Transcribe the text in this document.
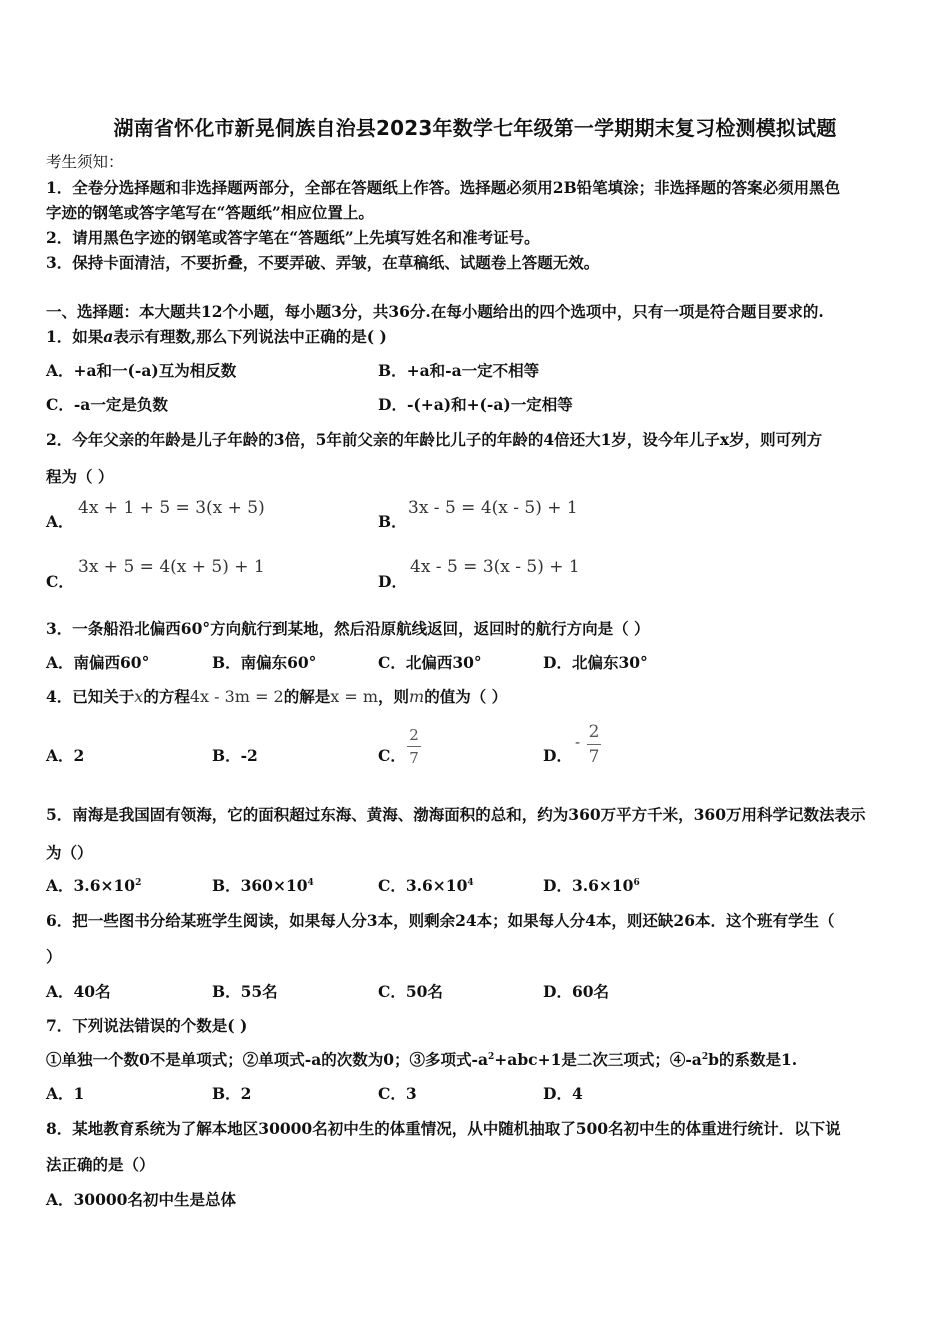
湖南省怀化市新晃侗族自治县2023年数学七年级第一学期期末复习检测模拟试题
考生须知：
1．全卷分选择题和非选择题两部分，全部在答题纸上作答。选择题必须用2B铅笔填涂；非选择题的答案必须用黑色
字迹的钢笔或答字笔写在“答题纸”相应位置上。
2．请用黑色字迹的钢笔或答字笔在“答题纸”上先填写姓名和准考证号。
3．保持卡面清洁，不要折叠，不要弄破、弄皱，在草稿纸、试题卷上答题无效。
一、选择题：本大题共12个小题，每小题3分，共36分.在每小题给出的四个选项中，只有一项是符合题目要求的.
1．如果a表示有理数,那么下列说法中正确的是( )
A．+a和一(-a)互为相反数	B．+a和-a一定不相等
C．-a一定是负数	D．-(+a)和+(-a)一定相等
2．今年父亲的年龄是儿子年龄的3倍，5年前父亲的年龄比儿子的年龄的4倍还大1岁，设今年儿子x岁，则可列方
程为（ ）
A．
4x + 1 + 5 = 3(x + 5)
B．
3x - 5 = 4(x - 5) + 1
C．
3x + 5 = 4(x + 5) + 1
D．
4x - 5 = 3(x - 5) + 1
3．一条船沿北偏西60°方向航行到某地，然后沿原航线返回，返回时的航行方向是（ ）
A．南偏西60°	B．南偏东60°	C．北偏西30°	D．北偏东30°
4．已知关于x的方程4x - 3m = 2的解是x = m，则m的值为（ ）
A．2	B．-2	C．
2
7	D．
- 2
7
5．南海是我国固有领海，它的面积超过东海、黄海、渤海面积的总和，约为360万平方千米，360万用科学记数法表示
为（）
A．$3.6\times 10^2$	B．$360\times 10^4$	C．$3.6\times 10^4$	D．$3.6\times 10^6$
6．把一些图书分给某班学生阅读，如果每人分3本，则剩余24本；如果每人分4本，则还缺26本．这个班有学生（
）
A．40名	B．55名	C．50名	D．60名
7．下列说法错误的个数是( )
①单独一个数0不是单项式；②单项式-a的次数为0；③多项式$-a^2+abc+1$是二次三项式；$④-a^2b$的系数是1.
A．1	B．2	C．3	D．4
8．某地教育系统为了解本地区30000名初中生的体重情况，从中随机抽取了500名初中生的体重进行统计．以下说
法正确的是（）
A．30000名初中生是总体
